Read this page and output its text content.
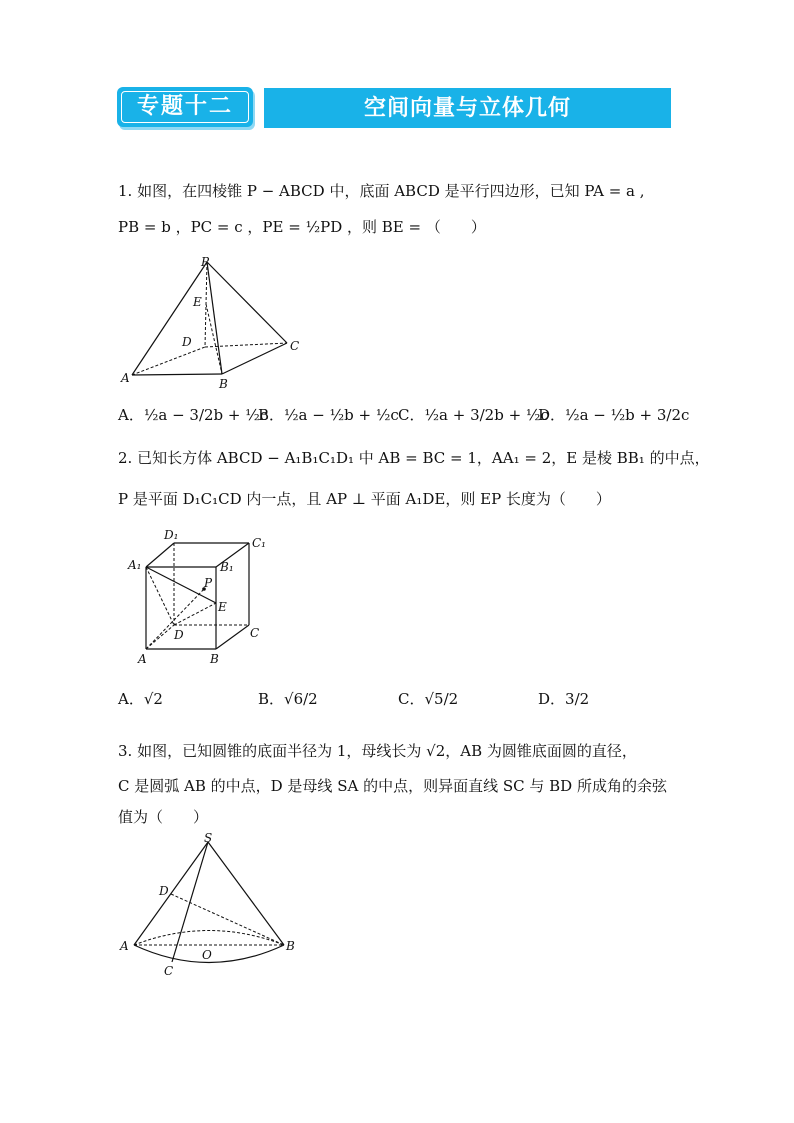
专题十二	空间向量与立体几何
1. 如图，在四棱锥 P − ABCD 中，底面 ABCD 是平行四边形，已知 PA = a ,
PB = b ，PC = c ，PE = ½PD ，则 BE = （　　）
P
E
D	C
A	B
A．½a − 3/2b + ½c
B．½a − ½b + ½c C．½a + 3/2b + ½c
D．½a − ½b + 3/2c
2. 已知长方体 ABCD − A₁B₁C₁D₁ 中 AB = BC = 1，AA₁ = 2，E 是棱 BB₁ 的中点，
P 是平面 D₁C₁CD 内一点，且 AP ⊥ 平面 A₁DE，则 EP 长度为（　　）
D₁
C₁
A₁	B₁
P
E
D	C
A	B
A．√2	B．√6/2	C．√5/2	D．3/2
3. 如图，已知圆锥的底面半径为 1，母线长为 √2，AB 为圆锥底面圆的直径，
C 是圆弧 AB 的中点，D 是母线 SA 的中点，则异面直线 SC 与 BD 所成角的余弦
值为（　　）
S
D
A
O
B
C
